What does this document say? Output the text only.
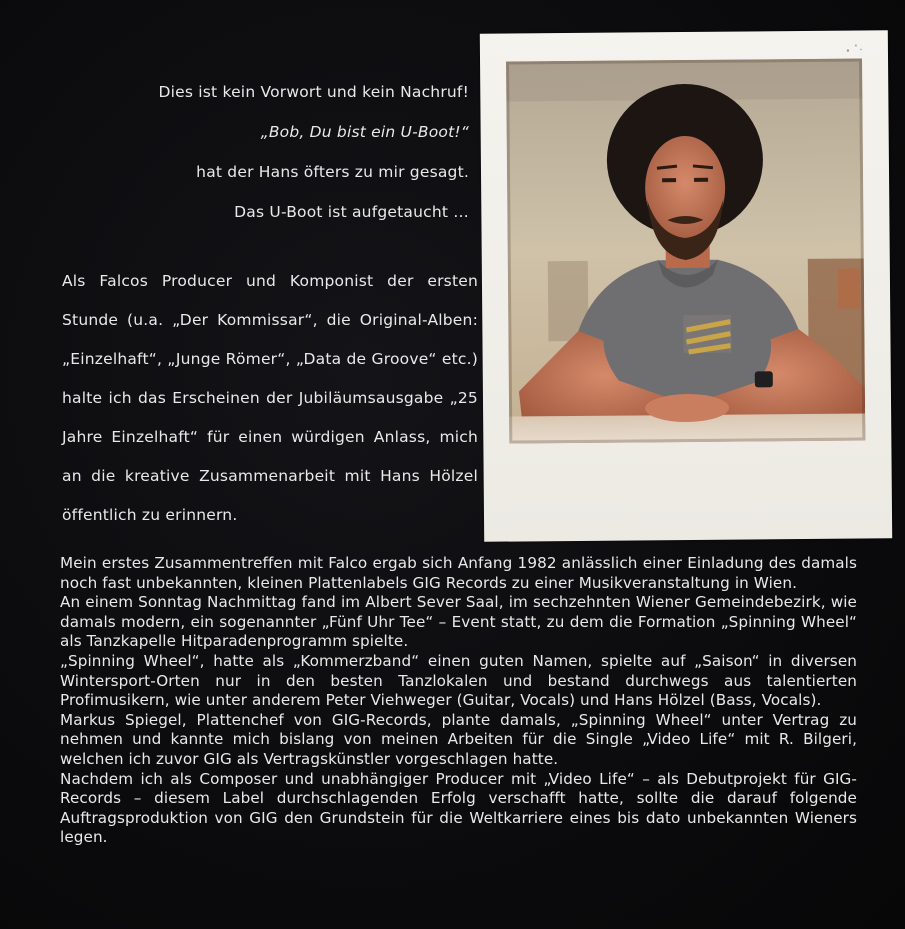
Dies ist kein Vorwort und kein Nachruf!
„Bob, Du bist ein U-Boot!“
hat der Hans öfters zu mir gesagt.
Das U-Boot ist aufgetaucht …
Als Falcos Producer und Komponist der ersten Stunde (u.a. „Der Kommissar“, die Original-Alben: „Einzelhaft“, „Junge Römer“, „Data de Groove“ etc.) halte ich das Erscheinen der Jubiläumsausgabe „25 Jahre Einzelhaft“ für einen würdigen Anlass, mich an die kreative Zusammenarbeit mit Hans Hölzel öffentlich zu erinnern.

Mein erstes Zusammentreffen mit Falco ergab sich Anfang 1982 anlässlich einer Einladung des damals noch fast unbekannten, kleinen Plattenlabels GIG Records zu einer Musikveranstaltung in Wien.

An einem Sonntag Nachmittag fand im Albert Sever Saal, im sechzehnten Wiener Gemeindebezirk, wie damals modern, ein sogenannter „Fünf Uhr Tee“ – Event statt, zu dem die Formation „Spinning Wheel“ als Tanzkapelle Hitparadenprogramm spielte.

„Spinning Wheel“, hatte als „Kommerzband“ einen guten Namen, spielte auf „Saison“ in diversen Wintersport-Orten nur in den besten Tanzlokalen und bestand durchwegs aus talentierten Profimusikern, wie unter anderem Peter Viehweger (Guitar, Vocals) und Hans Hölzel (Bass, Vocals).

Markus Spiegel, Plattenchef von GIG-Records, plante damals, „Spinning Wheel“ unter Vertrag zu nehmen und kannte mich bislang von meinen Arbeiten für die Single „Video Life“ mit R. Bilgeri, welchen ich zuvor GIG als Vertragskünstler vorgeschlagen hatte.

Nachdem ich als Composer und unabhängiger Producer mit „Video Life“ – als Debutprojekt für GIG-Records – diesem Label durchschlagenden Erfolg verschafft hatte, sollte die darauf folgende Auftragsproduktion von GIG den Grundstein für die Weltkarriere eines bis dato unbekannten Wieners legen.
